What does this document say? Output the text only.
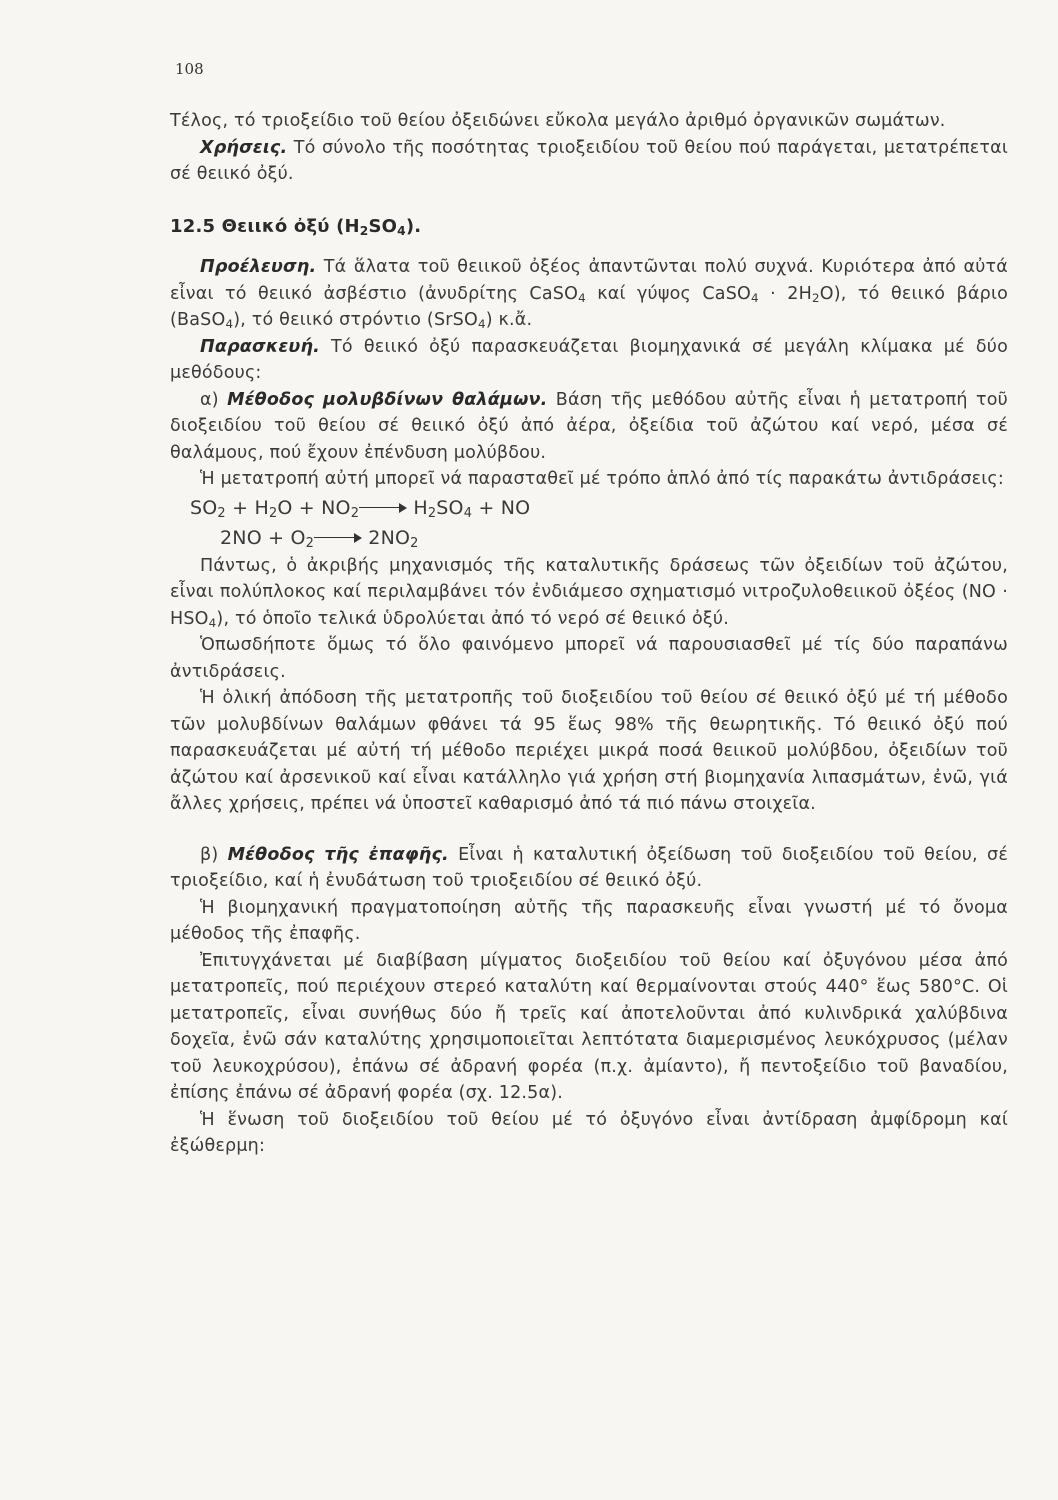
108

Τέλος, τό τριοξείδιο τοῦ θείου ὀξειδώνει εὔκολα μεγάλο ἀριθμό ὀργανικῶν σωμάτων.

Χρήσεις. Τό σύνολο τῆς ποσότητας τριοξειδίου τοῦ θείου πού παράγεται, μετατρέπεται σέ θειικό ὀξύ.

12.5 Θειικό ὀξύ $(H_2SO_4)$.

Προέλευση. Τά ἅλατα τοῦ θειικοῦ ὀξέος ἀπαντῶνται πολύ συχνά. Κυριότερα ἀπό αὐτά εἶναι τό θειικό ἀσβέστιο (ἀνυδρίτης CaSO$_4$ καί γύψος CaSO$_4$ · $2H_2O$), τό θειικό βάριο (BaSO$_4$), τό θειικό στρόντιο (SrSO$_4$) κ.ἄ.

Παρασκευή. Τό θειικό ὀξύ παρασκευάζεται βιομηχανικά σέ μεγάλη κλίμακα μέ δύο μεθόδους:

α) Μέθοδος μολυβδίνων θαλάμων. Βάση τῆς μεθόδου αὐτῆς εἶναι ἡ μετατροπή τοῦ διοξειδίου τοῦ θείου σέ θειικό ὀξύ ἀπό ἀέρα, ὀξείδια τοῦ ἀζώτου καί νερό, μέσα σέ θαλάμους, πού ἔχουν ἐπένδυση μολύβδου.

Ἡ μετατροπή αὐτή μπορεῖ νά παρασταθεῖ μέ τρόπο ἁπλό ἀπό τίς παρακάτω ἀντιδράσεις:

$SO_2 + H_2O + NO_2$	$H_2SO_4$ + NO

$2NO + O_2$	$2NO_2$

Πάντως, ὁ ἀκριβής μηχανισμός τῆς καταλυτικῆς δράσεως τῶν ὀξειδίων τοῦ ἀζώτου, εἶναι πολύπλοκος καί περιλαμβάνει τόν ἐνδιάμεσο σχηματισμό νιτροζυλοθειικοῦ ὀξέος $(NO \cdot HSO_4)$, τό ὁποῖο τελικά ὑδρολύεται ἀπό τό νερό σέ θειικό ὀξύ.

Ὁπωσδήποτε ὅμως τό ὅλο φαινόμενο μπορεῖ νά παρουσιασθεῖ μέ τίς δύο παραπάνω ἀντιδράσεις.

Ἡ ὁλική ἀπόδοση τῆς μετατροπῆς τοῦ διοξειδίου τοῦ θείου σέ θειικό ὀξύ μέ τή μέθοδο τῶν μολυβδίνων θαλάμων φθάνει τά 95 ἕως 98% τῆς θεωρητικῆς. Τό θειικό ὀξύ πού παρασκευάζεται μέ αὐτή τή μέθοδο περιέχει μικρά ποσά θειικοῦ μολύβδου, ὀξειδίων τοῦ ἀζώτου καί ἀρσενικοῦ καί εἶναι κατάλληλο γιά χρήση στή βιομηχανία λιπασμάτων, ἐνῶ, γιά ἄλλες χρήσεις, πρέπει νά ὑποστεῖ καθαρισμό ἀπό τά πιό πάνω στοιχεῖα.

β) Μέθοδος τῆς ἐπαφῆς. Εἶναι ἡ καταλυτική ὀξείδωση τοῦ διοξειδίου τοῦ θείου, σέ τριοξείδιο, καί ἡ ἐνυδάτωση τοῦ τριοξειδίου σέ θειικό ὀξύ.

Ἡ βιομηχανική πραγματοποίηση αὐτῆς τῆς παρασκευῆς εἶναι γνωστή μέ τό ὄνομα μέθοδος τῆς ἐπαφῆς.

Ἐπιτυγχάνεται μέ διαβίβαση μίγματος διοξειδίου τοῦ θείου καί ὀξυγόνου μέσα ἀπό μετατροπεῖς, πού περιέχουν στερεό καταλύτη καί θερμαίνονται στούς 440° ἕως 580°C. Οἱ μετατροπεῖς, εἶναι συνήθως δύο ἤ τρεῖς καί ἀποτελοῦνται ἀπό κυλινδρικά χαλύβδινα δοχεῖα, ἐνῶ σάν καταλύτης χρησιμοποιεῖται λεπτότατα διαμερισμένος λευκόχρυσος (μέλαν τοῦ λευκοχρύσου), ἐπάνω σέ ἀδρανή φορέα (π.χ. ἀμίαντο), ἤ πεντοξείδιο τοῦ βαναδίου, ἐπίσης ἐπάνω σέ ἀδρανή φορέα (σχ. 12.5α).

Ἡ ἕνωση τοῦ διοξειδίου τοῦ θείου μέ τό ὀξυγόνο εἶναι ἀντίδραση ἀμφίδρομη καί ἐξώθερμη:
